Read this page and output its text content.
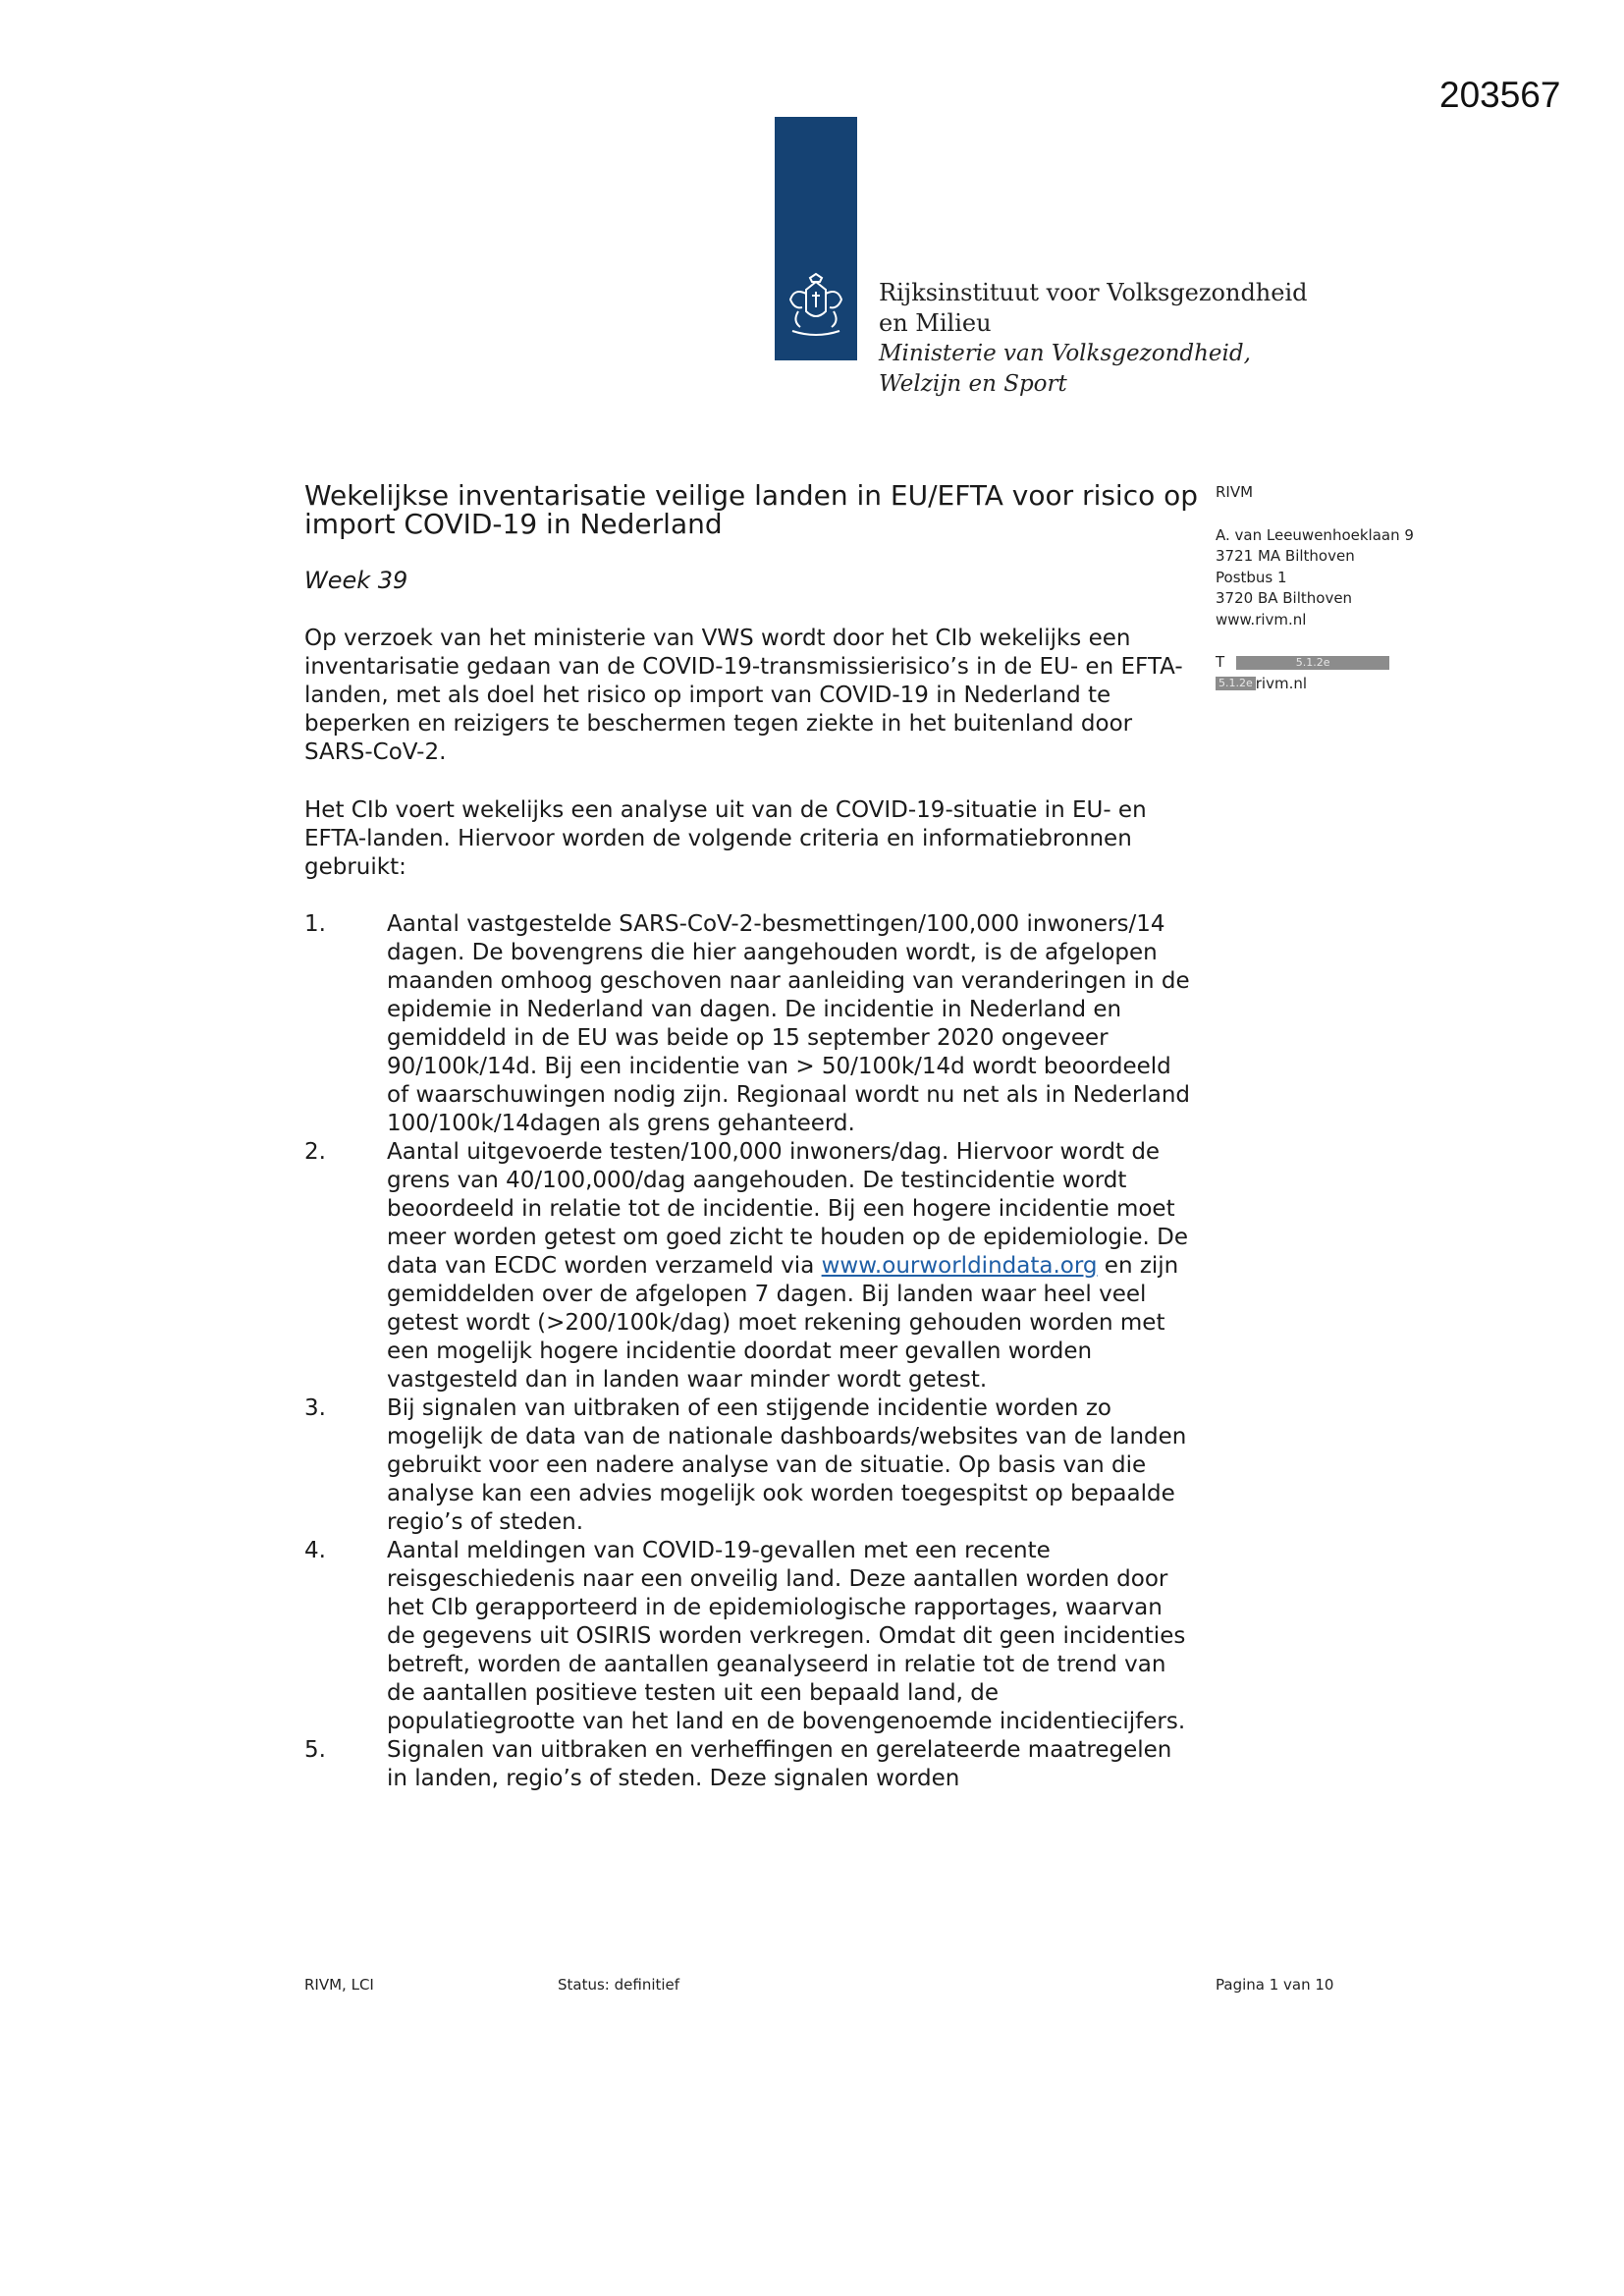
203567
Rijksinstituut voor Volksgezondheid
en Milieu
Ministerie van Volksgezondheid,
Welzijn en Sport
Wekelijkse inventarisatie veilige landen in EU/EFTA voor risico op import COVID-19 in Nederland
Week 39

Op verzoek van het ministerie van VWS wordt door het CIb wekelijks een inventarisatie gedaan van de COVID-19-transmissierisico’s in de EU- en EFTA-landen, met als doel het risico op import van COVID-19 in Nederland te beperken en reizigers te beschermen tegen ziekte in het buitenland door SARS-CoV-2.

Het CIb voert wekelijks een analyse uit van de COVID-19-situatie in EU- en EFTA-landen. Hiervoor worden de volgende criteria en informatiebronnen gebruikt:

1.	Aantal vastgestelde SARS-CoV-2-besmettingen/100,000 inwoners/14 dagen. De bovengrens die hier aangehouden wordt, is de afgelopen maanden omhoog geschoven naar aanleiding van veranderingen in de epidemie in Nederland van dagen. De incidentie in Nederland en gemiddeld in de EU was beide op 15 september 2020 ongeveer 90/100k/14d. Bij een incidentie van > 50/100k/14d wordt beoordeeld of waarschuwingen nodig zijn. Regionaal wordt nu net als in Nederland 100/100k/14dagen als grens gehanteerd.
2.	Aantal uitgevoerde testen/100,000 inwoners/dag. Hiervoor wordt de grens van 40/100,000/dag aangehouden. De testincidentie wordt beoordeeld in relatie tot de incidentie. Bij een hogere incidentie moet meer worden getest om goed zicht te houden op de epidemiologie. De data van ECDC worden verzameld via www.ourworldindata.org en zijn gemiddelden over de afgelopen 7 dagen. Bij landen waar heel veel getest wordt (>200/100k/dag) moet rekening gehouden worden met een mogelijk hogere incidentie doordat meer gevallen worden vastgesteld dan in landen waar minder wordt getest.
3.	Bij signalen van uitbraken of een stijgende incidentie worden zo mogelijk de data van de nationale dashboards/websites van de landen gebruikt voor een nadere analyse van de situatie. Op basis van die analyse kan een advies mogelijk ook worden toegespitst op bepaalde regio’s of steden.
4.	Aantal meldingen van COVID-19-gevallen met een recente reisgeschiedenis naar een onveilig land. Deze aantallen worden door het CIb gerapporteerd in de epidemiologische rapportages, waarvan de gegevens uit OSIRIS worden verkregen. Omdat dit geen incidenties betreft, worden de aantallen geanalyseerd in relatie tot de trend van de aantallen positieve testen uit een bepaald land, de populatiegrootte van het land en de bovengenoemde incidentiecijfers.
5.	Signalen van uitbraken en verheffingen en gerelateerde maatregelen in landen, regio’s of steden. Deze signalen worden
RIVM
A. van Leeuwenhoeklaan 9
3721 MA Bilthoven
Postbus 1
3720 BA Bilthoven
www.rivm.nl
T	5.1.2e
5.1.2e rivm.nl
RIVM, LCI	Status: definitief	Pagina 1 van 10
